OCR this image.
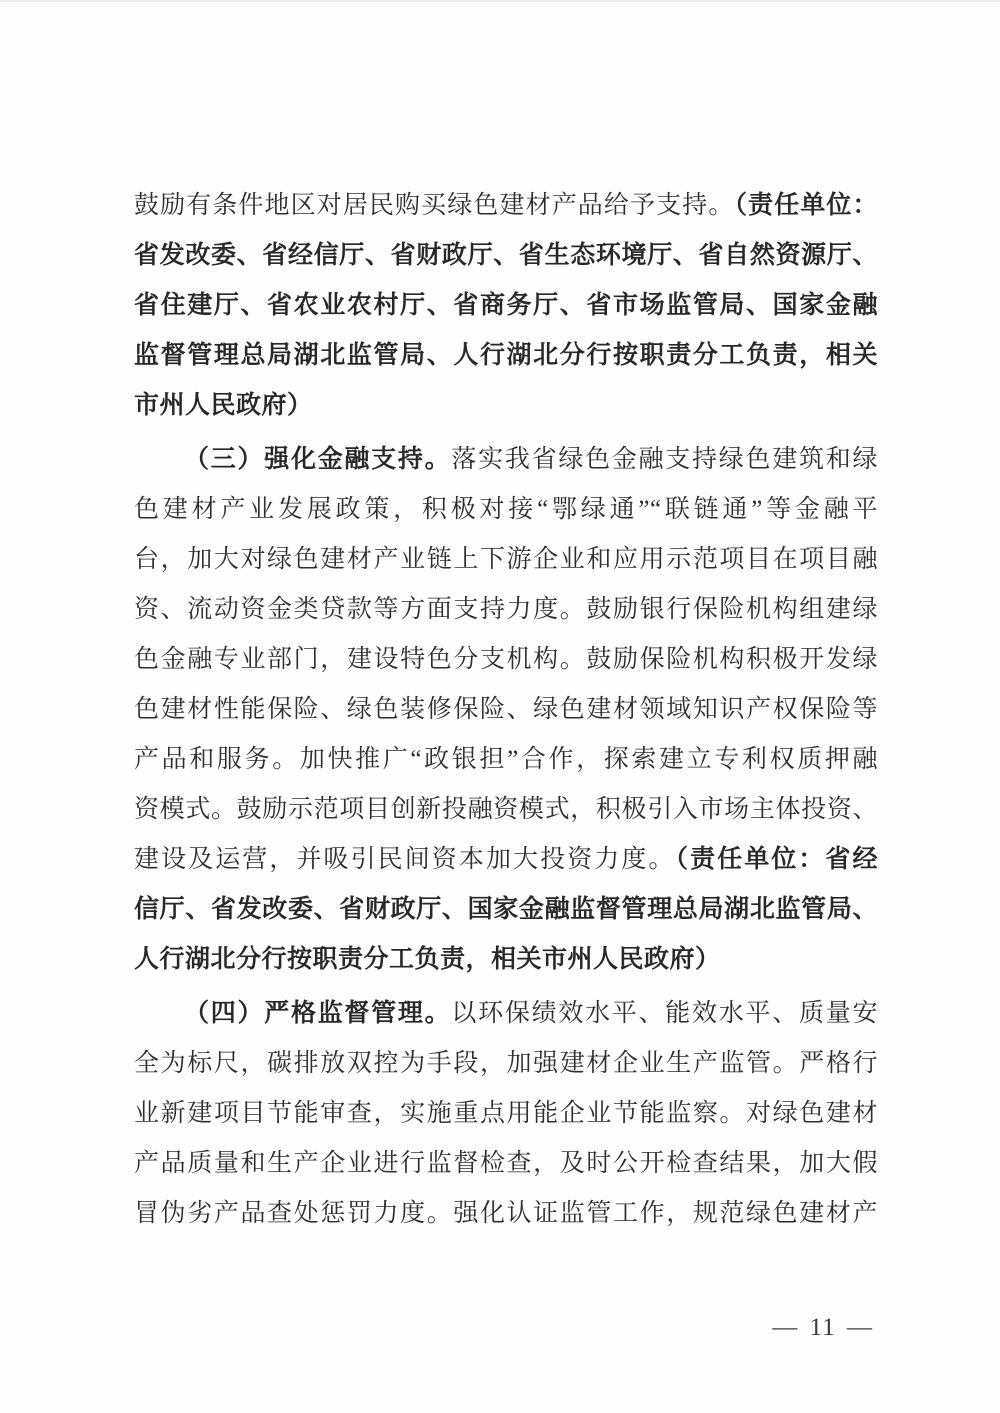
鼓励有条件地区对居民购买绿色建材产品给予支持。（责任单位：
省发改委、省经信厅、省财政厅、省生态环境厅、省自然资源厅、
省住建厅、省农业农村厅、省商务厅、省市场监管局、国家金融
监督管理总局湖北监管局、人行湖北分行按职责分工负责，相关
市州人民政府）
（三）强化金融支持。落实我省绿色金融支持绿色建筑和绿
色建材产业发展政策，积极对接“鄂绿通”“联链通”等金融平
台，加大对绿色建材产业链上下游企业和应用示范项目在项目融
资、流动资金类贷款等方面支持力度。鼓励银行保险机构组建绿
色金融专业部门，建设特色分支机构。鼓励保险机构积极开发绿
色建材性能保险、绿色装修保险、绿色建材领域知识产权保险等
产品和服务。加快推广“政银担”合作，探索建立专利权质押融
资模式。鼓励示范项目创新投融资模式，积极引入市场主体投资、
建设及运营，并吸引民间资本加大投资力度。（责任单位：省经
信厅、省发改委、省财政厅、国家金融监督管理总局湖北监管局、
人行湖北分行按职责分工负责，相关市州人民政府）
（四）严格监督管理。以环保绩效水平、能效水平、质量安
全为标尺，碳排放双控为手段，加强建材企业生产监管。严格行
业新建项目节能审查，实施重点用能企业节能监察。对绿色建材
产品质量和生产企业进行监督检查，及时公开检查结果，加大假
冒伪劣产品查处惩罚力度。强化认证监管工作，规范绿色建材产
— 11 —
